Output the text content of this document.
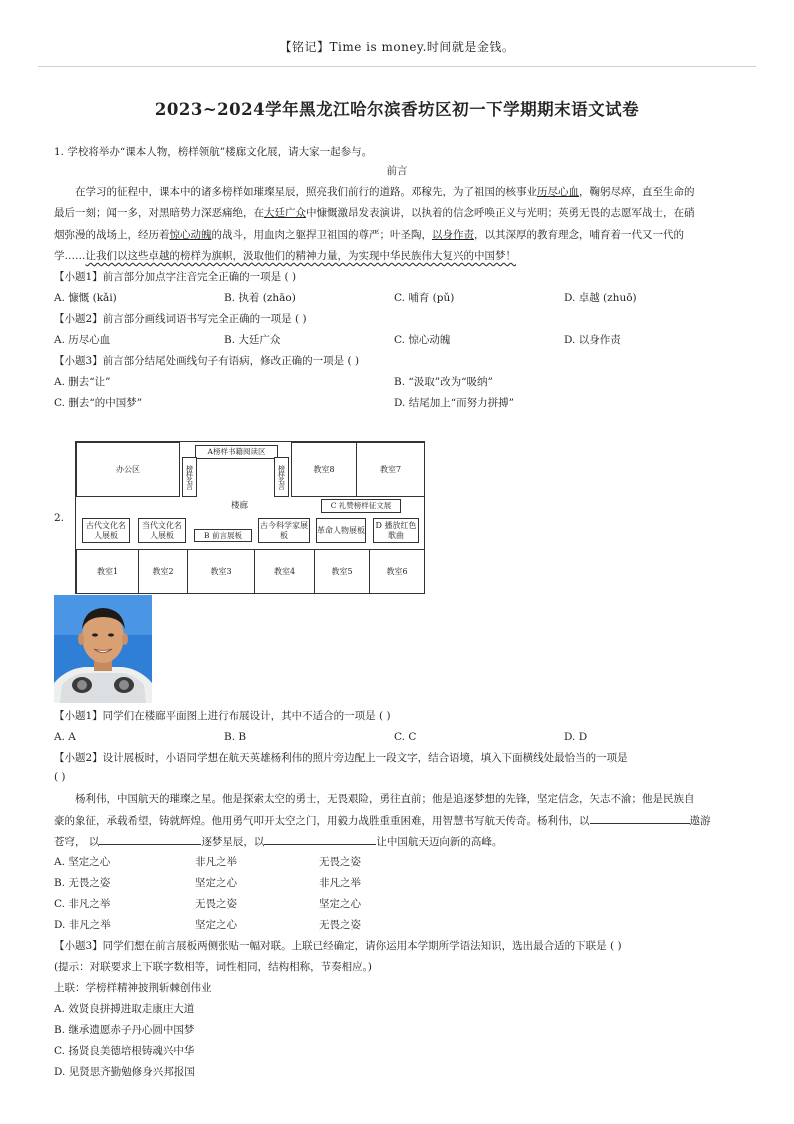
【铭记】Time is money.时间就是金钱。
2023~2024学年黑龙江哈尔滨香坊区初一下学期期末语文试卷
1. 学校将举办“课本人物，榜样领航”楼廊文化展，请大家一起参与。
前言
在学习的征程中，课本中的诸多榜样如璀璨星辰，照亮我们前行的道路。邓稼先，为了祖国的核事业历尽心血，鞠躬尽瘁，直至生命的
最后一刻；闻一多，对黑暗势力深恶痛绝，在大廷广众中慷慨激昂发表演讲，以执着的信念呼唤正义与光明；英勇无畏的志愿军战士，在硝
烟弥漫的战场上，经历着惊心动魄的战斗，用血肉之躯捍卫祖国的尊严；叶圣陶，以身作责，以其深厚的教育理念，哺育着一代又一代的
学……让我们以这些卓越的榜样为旗帜，汲取他们的精神力量，为实现中华民族伟大复兴的中国梦！
【小题1】前言部分加点字注音完全正确的一项是 ( )
A. 慷慨 (kǎi)	B. 执着 (zhāo)	C. 哺育 (pǔ)	D. 卓越 (zhuō)
【小题2】前言部分画线词语书写完全正确的一项是 ( )
A. 历尽心血	B. 大廷广众	C. 惊心动魄	D. 以身作责
【小题3】前言部分结尾处画线句子有语病，修改正确的一项是 ( )
A. 删去“让”	B. “汲取”改为“吸纳”
C. 删去“的中国梦”	D. 结尾加上“而努力拼搏”
2.
办公区
A榜样书籍阅读区
榜样名言	榜样名言	教室8	教室7
楼廊	C 礼赞榜样征文展
古代文化名人展板
当代文化名人展板	B 前言展板
古今科学家展板
革命人物展板
D 播放红色歌曲
教室1	教室2	教室3	教室4	教室5	教室6
【小题1】同学们在楼廊平面图上进行布展设计，其中不适合的一项是 ( )
A. A	B. B	C. C	D. D
【小题2】设计展板时，小语同学想在航天英雄杨利伟的照片旁边配上一段文字，结合语境，填入下面横线处最恰当的一项是
( )
杨利伟，中国航天的璀璨之星。他是探索太空的勇士，无畏艰险，勇往直前；他是追逐梦想的先锋，坚定信念，矢志不渝；他是民族自
豪的象征，承载希望，铸就辉煌。他用勇气叩开太空之门，用毅力战胜重重困难，用智慧书写航天传奇。杨利伟，以	遨游
苍穹， 以	逐梦星辰，以	让中国航天迈向新的高峰。
A. 坚定之心	非凡之举	无畏之姿
B. 无畏之姿	坚定之心	非凡之举
C. 非凡之举	无畏之姿	坚定之心
D. 非凡之举	坚定之心	无畏之姿
【小题3】同学们想在前言展板两侧张贴一幅对联。上联已经确定，请你运用本学期所学语法知识，选出最合适的下联是 ( )
(提示：对联要求上下联字数相等，词性相同，结构相称，节奏相应。)
上联：学榜样精神披荆斩棘创伟业
A. 效贤良拼搏进取走康庄大道
B. 继承遗愿赤子丹心圆中国梦
C. 扬贤良美德培根铸魂兴中华
D. 见贤思齐勤勉修身兴邦报国
